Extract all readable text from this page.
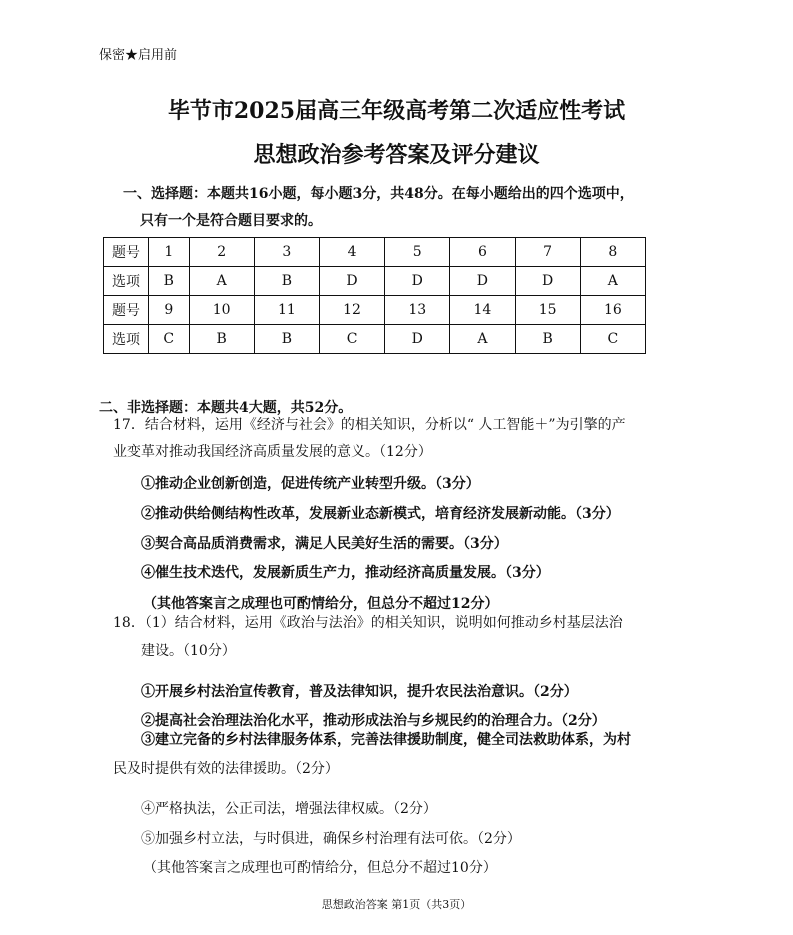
保密★启用前
毕节市2025届高三年级高考第二次适应性考试
思想政治参考答案及评分建议
一、选择题：本题共16小题，每小题3分，共48分。在每小题给出的四个选项中，
只有一个是符合题目要求的。
题号	1	2	3	4	5	6	7	8
选项	B	A	B	D	D	D	D	A
题号	9	10	11	12	13	14	15	16
选项	C	B	B	C	D	A	B	C
二、非选择题：本题共4大题，共52分。
17．结合材料，运用《经济与社会》的相关知识，分析以“ 人工智能＋”为引擎的产
业变革对推动我国经济高质量发展的意义。（12分）
①推动企业创新创造，促进传统产业转型升级。（3分）
②推动供给侧结构性改革，发展新业态新模式，培育经济发展新动能。（3分）
③契合高品质消费需求，满足人民美好生活的需要。（3分）
④催生技术迭代，发展新质生产力，推动经济高质量发展。（3分）
（其他答案言之成理也可酌情给分，但总分不超过12分）
18．（1）结合材料，运用《政治与法治》的相关知识，说明如何推动乡村基层法治
建设。（10分）
①开展乡村法治宣传教育，普及法律知识，提升农民法治意识。（2分）
②提高社会治理法治化水平，推动形成法治与乡规民约的治理合力。（2分）
③建立完备的乡村法律服务体系，完善法律援助制度，健全司法救助体系，为村
民及时提供有效的法律援助。（2分）
④严格执法，公正司法，增强法律权威。（2分）
⑤加强乡村立法，与时俱进，确保乡村治理有法可依。（2分）
（其他答案言之成理也可酌情给分，但总分不超过10分）
思想政治答案 第1页（共3页）
